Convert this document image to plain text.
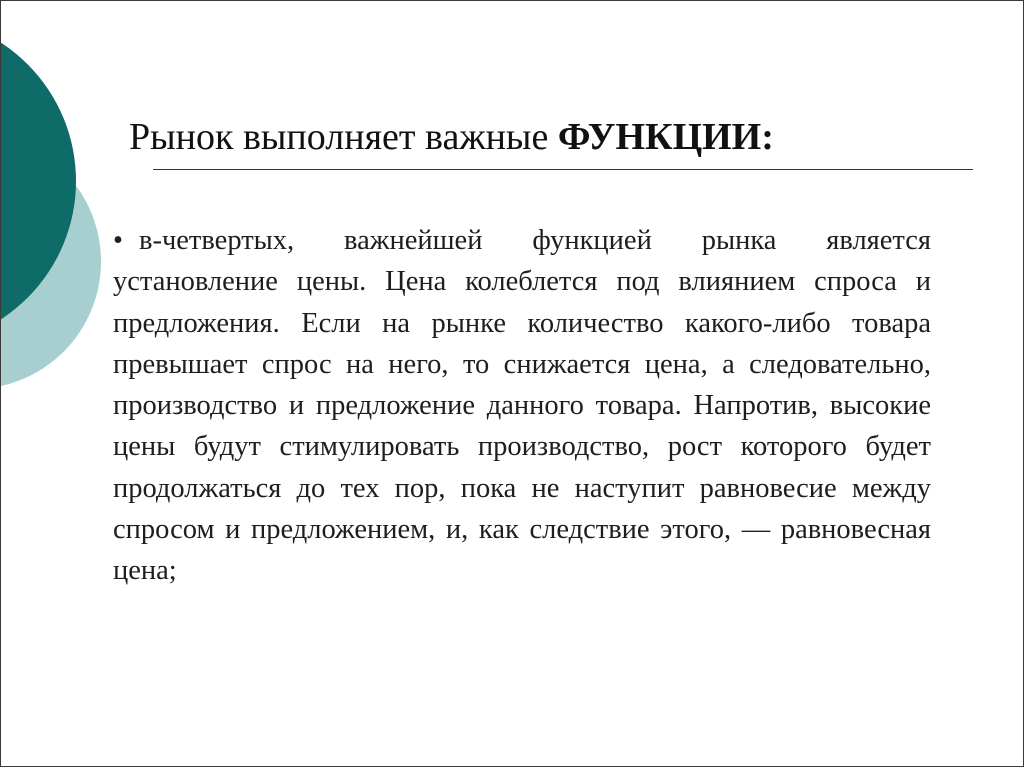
Рынок выполняет важные ФУНКЦИИ:

• в-четвертых, важнейшей функцией рынка является установление цены. Цена колеблется под влиянием спроса и предложения. Если на рынке количество какого-либо товара превышает спрос на него, то снижается цена, а следовательно, производство и предложение данного товара. Напротив, высокие цены будут стимулировать производство, рост которого будет продолжаться до тех пор, пока не наступит равновесие между спросом и предложением, и, как следствие этого, — равновесная цена;
